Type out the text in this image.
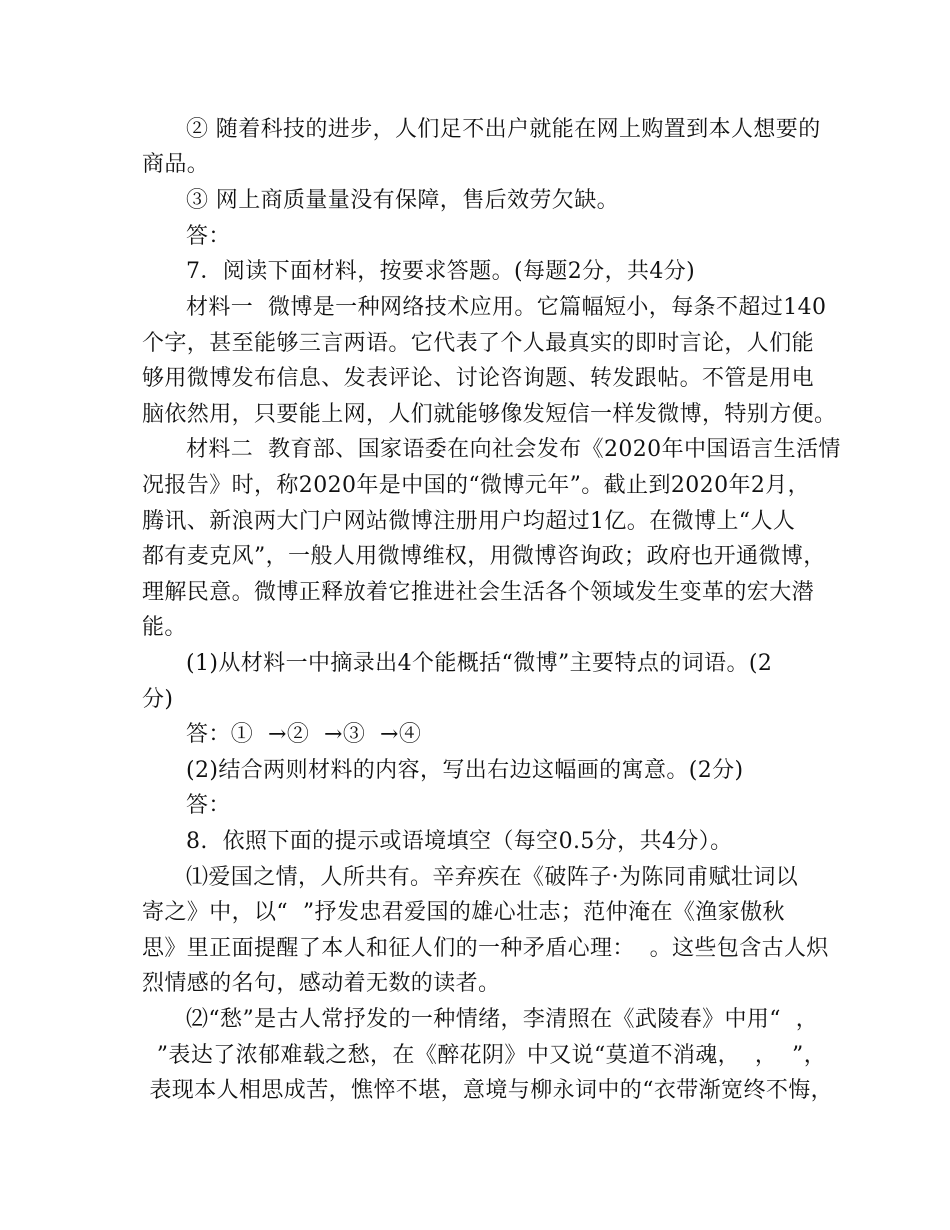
② 随着科技的进步，人们足不出户就能在网上购置到本人想要的
商品。
③ 网上商质量量没有保障，售后效劳欠缺。
答：
7．阅读下面材料，按要求答题。(每题2分，共4分)
材料一  微博是一种网络技术应用。它篇幅短小，每条不超过140
个字，甚至能够三言两语。它代表了个人最真实的即时言论，人们能
够用微博发布信息、发表评论、讨论咨询题、转发跟帖。不管是用电
脑依然用，只要能上网，人们就能够像发短信一样发微博，特别方便。
材料二  教育部、国家语委在向社会发布《2020年中国语言生活情
况报告》时，称2020年是中国的“微博元年”。截止到2020年2月，
腾讯、新浪两大门户网站微博注册用户均超过1亿。在微博上“人人
都有麦克风”，一般人用微博维权，用微博咨询政；政府也开通微博，
理解民意。微博正释放着它推进社会生活各个领域发生变革的宏大潜
能。
(1)从材料一中摘录出4个能概括“微博”主要特点的词语。(2
分)
答：①  →②  →③  →④
(2)结合两则材料的内容，写出右边这幅画的寓意。(2分)
答：
8.  依照下面的提示或语境填空（每空0.5分，共4分）。
⑴爱国之情，人所共有。辛弃疾在《破阵子·为陈同甫赋壮词以
寄之》中，以“  ”抒发忠君爱国的雄心壮志；范仲淹在《渔家傲秋
思》里正面提醒了本人和征人们的一种矛盾心理：  。这些包含古人炽
烈情感的名句，感动着无数的读者。
⑵“愁”是古人常抒发的一种情绪，李清照在《武陵春》中用“  ，
”表达了浓郁难载之愁，在《醉花阴》中又说“莫道不消魂，  ，  ”，
表现本人相思成苦，憔悴不堪，意境与柳永词中的“衣带渐宽终不悔，
